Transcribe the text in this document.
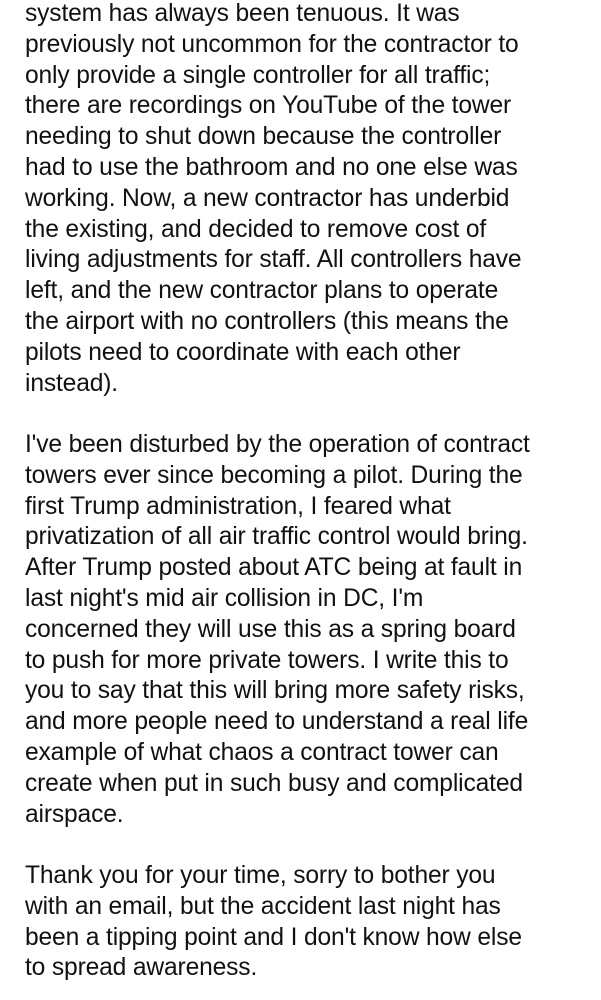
system has always been tenuous. It was
previously not uncommon for the contractor to
only provide a single controller for all traffic;
there are recordings on YouTube of the tower
needing to shut down because the controller
had to use the bathroom and no one else was
working. Now, a new contractor has underbid
the existing, and decided to remove cost of
living adjustments for staff. All controllers have
left, and the new contractor plans to operate
the airport with no controllers (this means the
pilots need to coordinate with each other
instead).

I've been disturbed by the operation of contract
towers ever since becoming a pilot. During the
first Trump administration, I feared what
privatization of all air traffic control would bring.
After Trump posted about ATC being at fault in
last night's mid air collision in DC, I'm
concerned they will use this as a spring board
to push for more private towers. I write this to
you to say that this will bring more safety risks,
and more people need to understand a real life
example of what chaos a contract tower can
create when put in such busy and complicated
airspace.

Thank you for your time, sorry to bother you
with an email, but the accident last night has
been a tipping point and I don't know how else
to spread awareness.
